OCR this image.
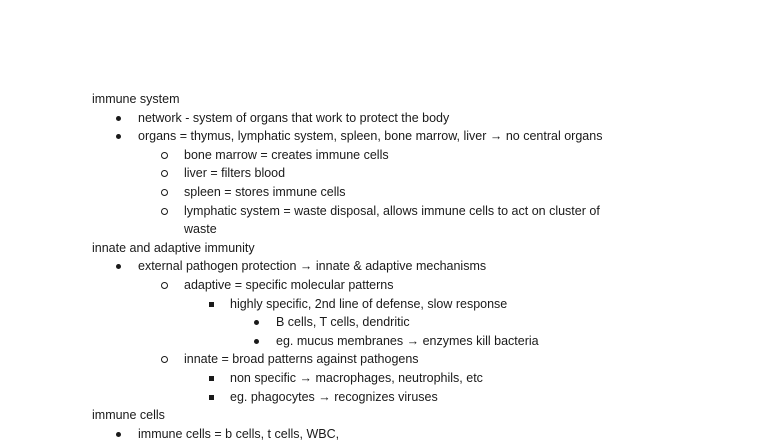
immune system
network - system of organs that work to protect the body
organs = thymus, lymphatic system, spleen, bone marrow, liver → no central organs
bone marrow = creates immune cells
liver = filters blood
spleen = stores immune cells
lymphatic system = waste disposal, allows immune cells to act on cluster of
waste
innate and adaptive immunity
external pathogen protection → innate & adaptive mechanisms
adaptive = specific molecular patterns
highly specific, 2nd line of defense, slow response
B cells, T cells, dendritic
eg. mucus membranes → enzymes kill bacteria
innate = broad patterns against pathogens
non specific → macrophages, neutrophils, etc
eg. phagocytes → recognizes viruses
immune cells
immune cells = b cells, t cells, WBC,
